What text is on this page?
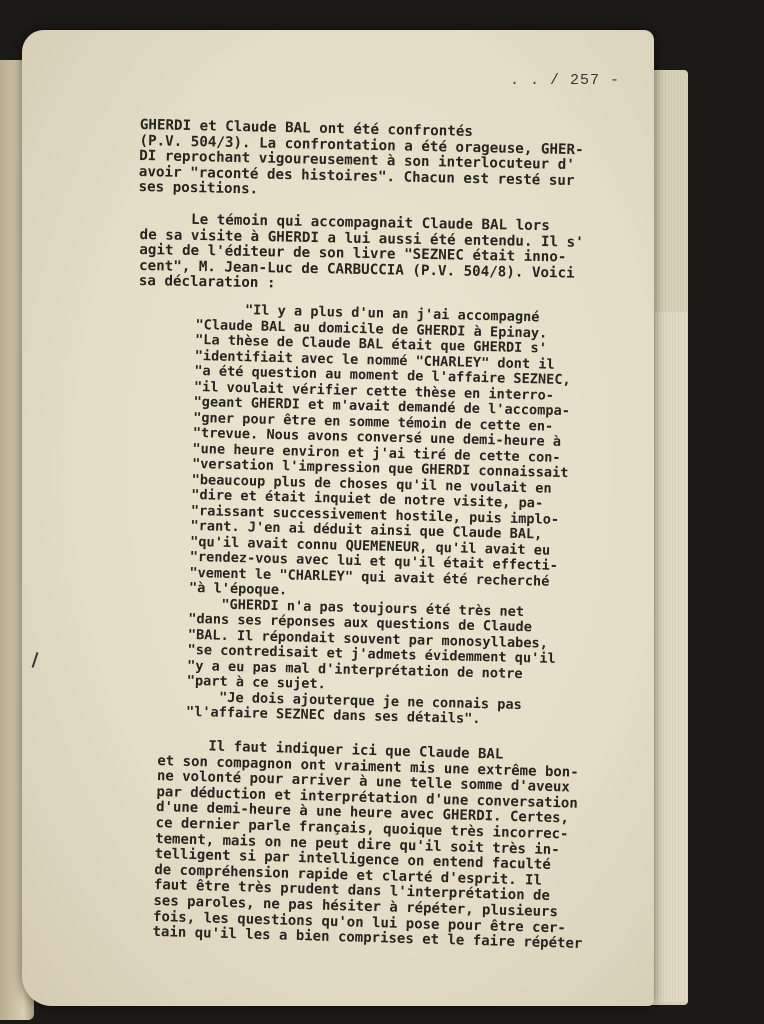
. . / 257 -
GHERDI et Claude BAL ont été confrontés
(P.V. 504/3). La confrontation a été orageuse, GHER-
DI reprochant vigoureusement à son interlocuteur d'
avoir "raconté des histoires". Chacun est resté sur
ses positions.
Le témoin qui accompagnait Claude BAL lors
de sa visite à GHERDI a lui aussi été entendu. Il s'
agit de l'éditeur de son livre "SEZNEC était inno-
cent", M. Jean-Luc de CARBUCCIA (P.V. 504/8). Voici
sa déclaration :
"Il y a plus d'un an j'ai accompagné
"Claude BAL au domicile de GHERDI à Epinay.
"La thèse de Claude BAL était que GHERDI s'
"identifiait avec le nommé "CHARLEY" dont il
"a été question au moment de l'affaire SEZNEC,
"il voulait vérifier cette thèse en interro-
"geant GHERDI et m'avait demandé de l'accompa-
"gner pour être en somme témoin de cette en-
"trevue. Nous avons conversé une demi-heure à
"une heure environ et j'ai tiré de cette con-
"versation l'impression que GHERDI connaissait
"beaucoup plus de choses qu'il ne voulait en
"dire et était inquiet de notre visite, pa-
"raissant successivement hostile, puis implo-
"rant. J'en ai déduit ainsi que Claude BAL,
"qu'il avait connu QUEMENEUR, qu'il avait eu
"rendez-vous avec lui et qu'il était effecti-
"vement le "CHARLEY" qui avait été recherché
"à l'époque.
"GHERDI n'a pas toujours été très net
"dans ses réponses aux questions de Claude
"BAL. Il répondait souvent par monosyllabes,
"se contredisait et j'admets évidemment qu'il
"y a eu pas mal d'interprétation de notre
"part à ce sujet.
"Je dois ajouterque je ne connais pas
"l'affaire SEZNEC dans ses détails".
Il faut indiquer ici que Claude BAL
et son compagnon ont vraiment mis une extrême bon-
ne volonté pour arriver à une telle somme d'aveux
par déduction et interprétation d'une conversation
d'une demi-heure à une heure avec GHERDI. Certes,
ce dernier parle français, quoique très incorrec-
tement, mais on ne peut dire qu'il soit très in-
telligent si par intelligence on entend faculté
de compréhension rapide et clarté d'esprit. Il
faut être très prudent dans l'interprétation de
ses paroles, ne pas hésiter à répéter, plusieurs
fois, les questions qu'on lui pose pour être cer-
tain qu'il les a bien comprises et le faire répéter
